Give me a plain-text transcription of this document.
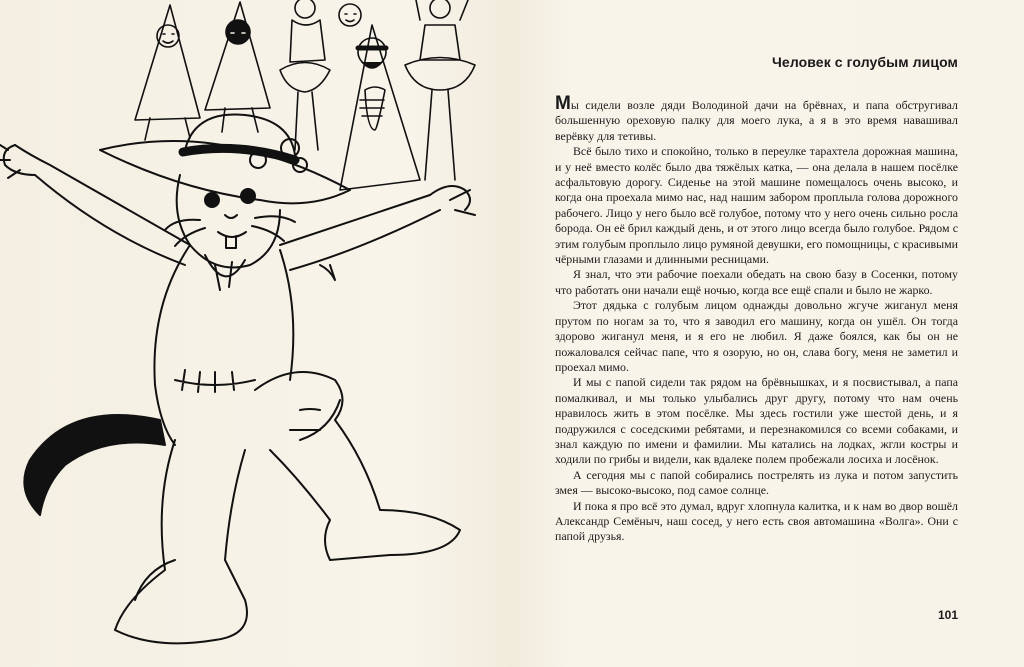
Человек с голубым лицом

Мы сидели возле дяди Володиной дачи на брёвнах, и папа обстругивал большенную ореховую палку для моего лука, а я в это время навашивал верёвку для тетивы.

Всё было тихо и спокойно, только в переулке тарахтела дорожная машина, и у неё вместо колёс было два тяжёлых катка, — она делала в нашем посёлке асфальтовую дорогу. Сиденье на этой машине помещалось очень высоко, и когда она проехала мимо нас, над нашим забором проплыла голова дорожного рабочего. Лицо у него было всё голубое, потому что у него очень сильно росла борода. Он её брил каждый день, и от этого лицо всегда было голубое. Рядом с этим голубым проплыло лицо румяной девушки, его помощницы, с красивыми чёрными глазами и длинными ресницами.

Я знал, что эти рабочие поехали обедать на свою базу в Сосенки, потому что работать они начали ещё ночью, когда все ещё спали и было не жарко.

Этот дядька с голубым лицом однажды довольно жгуче жиганул меня прутом по ногам за то, что я заводил его машину, когда он ушёл. Он тогда здорово жиганул меня, и я его не любил. Я даже боялся, как бы он не пожаловался сейчас папе, что я озорую, но он, слава богу, меня не заметил и проехал мимо.

И мы с папой сидели так рядом на брёвнышках, и я посвистывал, а папа помалкивал, и мы только улыбались друг другу, потому что нам очень нравилось жить в этом посёлке. Мы здесь гостили уже шестой день, и я подружился с соседскими ребятами, и перезнакомился со всеми собаками, и знал каждую по имени и фамилии. Мы катались на лодках, жгли костры и ходили по грибы и видели, как вдалеке полем пробежали лосиха и лосёнок.

А сегодня мы с папой собирались пострелять из лука и потом запустить змея — высоко-высоко, под самое солнце.

И пока я про всё это думал, вдруг хлопнула калитка, и к нам во двор вошёл Александр Семёныч, наш сосед, у него есть своя автомашина «Волга». Они с папой друзья.

101
